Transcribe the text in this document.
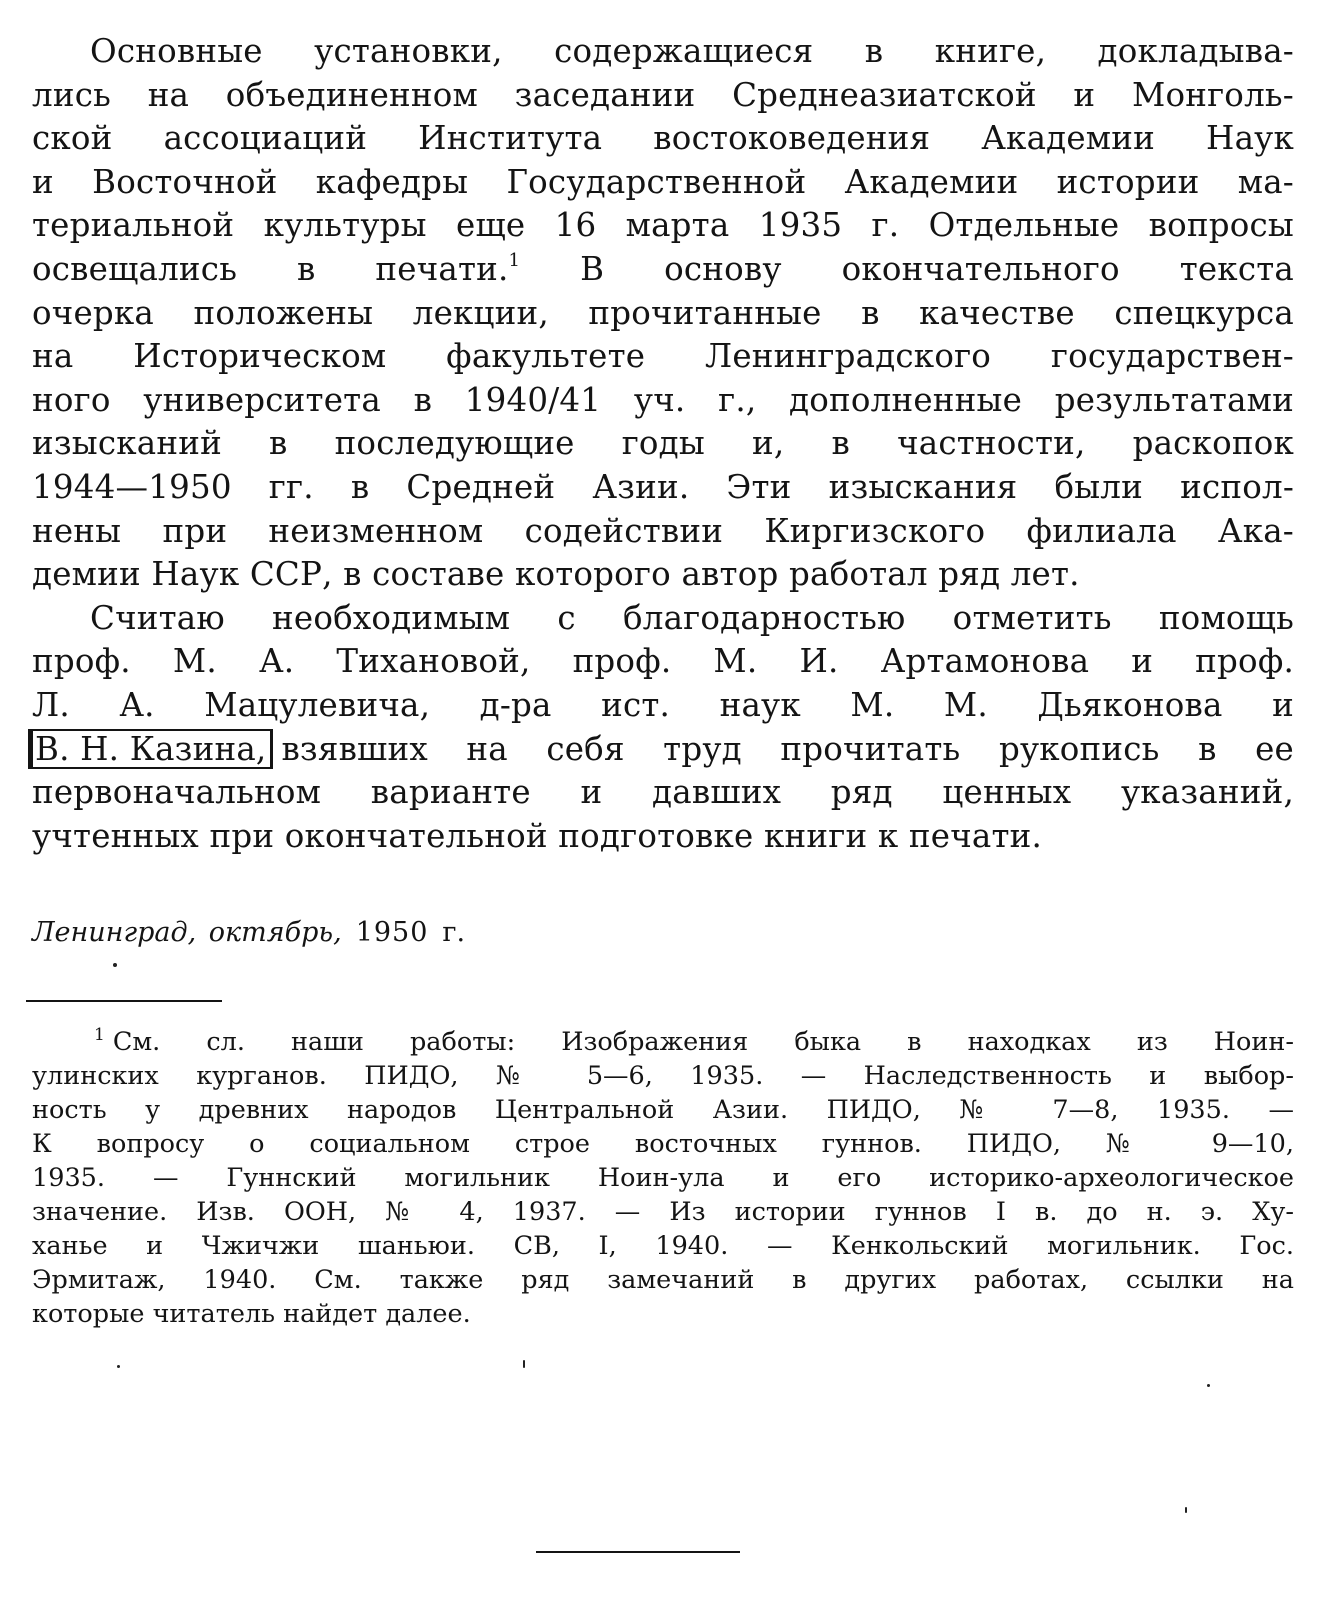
Основные установки, содержащиеся в книге, докладыва-
лись на объединенном заседании Среднеазиатской и Монголь-
ской ассоциаций Института востоковедения Академии Наук
и Восточной кафедры Государственной Академии истории ма-
териальной культуры еще 16 марта 1935 г. Отдельные вопросы
освещались в печати.$^1$ В основу окончательного текста
очерка положены лекции, прочитанные в качестве спецкурса
на Историческом факультете Ленинградского государствен-
ного университета в 1940/41 уч. г., дополненные результатами
изысканий в последующие годы и, в частности, раскопок
1944—1950 гг. в Средней Азии. Эти изыскания были испол-
нены при неизменном содействии Киргизского филиала Ака-
демии Наук ССР, в составе которого автор работал ряд лет.
Считаю необходимым с благодарностью отметить помощь
проф. М. А. Тихановой, проф. М. И. Артамонова и проф.
Л. А. Мацулевича, д-ра ист. наук М. М. Дьяконова и
В. Н. Казина, взявших на себя труд прочитать рукопись в ее
первоначальном варианте и давших ряд ценных указаний,
учтенных при окончательной подготовке книги к печати.
Ленинград, октябрь, 1950 г.
$^1$ См. сл. наши работы: Изображения быка в находках из Ноин-
улинских курганов. ПИДО, № 5—6, 1935. — Наследственность и выбор-
ность у древних народов Центральной Азии. ПИДО, № 7—8, 1935. —
К вопросу о социальном строе восточных гуннов. ПИДО, № 9—10,
1935. — Гуннский могильник Ноин-ула и его историко-археологическое
значение. Изв. ООН, № 4, 1937. — Из истории гуннов I в. до н. э. Ху-
ханье и Чжичжи шаньюи. СВ, I, 1940. — Кенкольский могильник. Гос.
Эрмитаж, 1940. См. также ряд замечаний в других работах, ссылки на
которые читатель найдет далее.
